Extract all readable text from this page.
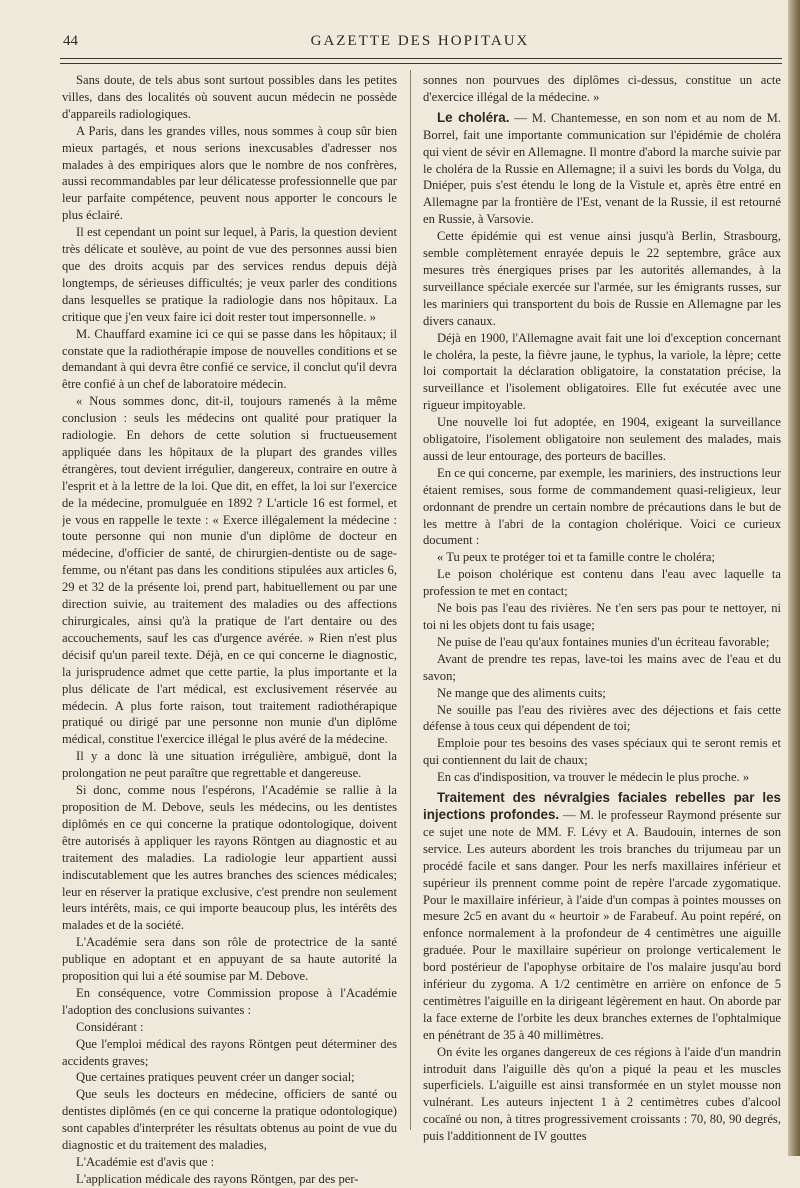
44	GAZETTE DES HOPITAUX

Sans doute, de tels abus sont surtout possibles dans les petites villes, dans des localités où souvent aucun médecin ne possède d'appareils radiologiques.

A Paris, dans les grandes villes, nous sommes à coup sûr bien mieux partagés, et nous serions inexcusables d'adresser nos malades à des empiriques alors que le nombre de nos confrères, aussi recommandables par leur délicatesse professionnelle que par leur parfaite compétence, peuvent nous apporter le concours le plus éclairé.

Il est cependant un point sur lequel, à Paris, la question devient très délicate et soulève, au point de vue des personnes aussi bien que des droits acquis par des services rendus depuis déjà longtemps, de sérieuses difficultés; je veux parler des conditions dans lesquelles se pratique la radiologie dans nos hôpitaux. La critique que j'en veux faire ici doit rester tout impersonnelle. »

M. Chauffard examine ici ce qui se passe dans les hôpitaux; il constate que la radiothérapie impose de nouvelles conditions et se demandant à qui devra être confié ce service, il conclut qu'il devra être confié à un chef de laboratoire médecin.

« Nous sommes donc, dit-il, toujours ramenés à la même conclusion : seuls les médecins ont qualité pour pratiquer la radiologie. En dehors de cette solution si fructueusement appliquée dans les hôpitaux de la plupart des grandes villes étrangères, tout devient irrégulier, dangereux, contraire en outre à l'esprit et à la lettre de la loi. Que dit, en effet, la loi sur l'exercice de la médecine, promulguée en 1892 ? L'article 16 est formel, et je vous en rappelle le texte : « Exerce illégalement la médecine : toute personne qui non munie d'un diplôme de docteur en médecine, d'officier de santé, de chirurgien-dentiste ou de sage-femme, ou n'étant pas dans les conditions stipulées aux articles 6, 29 et 32 de la présente loi, prend part, habituellement ou par une direction suivie, au traitement des maladies ou des affections chirurgicales, ainsi qu'à la pratique de l'art dentaire ou des accouchements, sauf les cas d'urgence avérée. » Rien n'est plus décisif qu'un pareil texte. Déjà, en ce qui concerne le diagnostic, la jurisprudence admet que cette partie, la plus importante et la plus délicate de l'art médical, est exclusivement réservée au médecin. A plus forte raison, tout traitement radiothérapique pratiqué ou dirigé par une personne non munie d'un diplôme médical, constitue l'exercice illégal le plus avéré de la médecine.

Il y a donc là une situation irrégulière, ambiguë, dont la prolongation ne peut paraître que regrettable et dangereuse.

Si donc, comme nous l'espérons, l'Académie se rallie à la proposition de M. Debove, seuls les médecins, ou les dentistes diplômés en ce qui concerne la pratique odontologique, doivent être autorisés à appliquer les rayons Röntgen au diagnostic et au traitement des maladies. La radiologie leur appartient aussi indiscutablement que les autres branches des sciences médicales; leur en réserver la pratique exclusive, c'est prendre non seulement leurs intérêts, mais, ce qui importe beaucoup plus, les intérêts des malades et de la société.

L'Académie sera dans son rôle de protectrice de la santé publique en adoptant et en appuyant de sa haute autorité la proposition qui lui a été soumise par M. Debove.

En conséquence, votre Commission propose à l'Académie l'adoption des conclusions suivantes :

Considérant :

Que l'emploi médical des rayons Röntgen peut déterminer des accidents graves;

Que certaines pratiques peuvent créer un danger social;

Que seuls les docteurs en médecine, officiers de santé ou dentistes diplômés (en ce qui concerne la pratique odontologique) sont capables d'interpréter les résultats obtenus au point de vue du diagnostic et du traitement des maladies,

L'Académie est d'avis que :

L'application médicale des rayons Röntgen, par des per-

sonnes non pourvues des diplômes ci-dessus, constitue un acte d'exercice illégal de la médecine. »

Le choléra. — M. Chantemesse, en son nom et au nom de M. Borrel, fait une importante communication sur l'épidémie de choléra qui vient de sévir en Allemagne. Il montre d'abord la marche suivie par le choléra de la Russie en Allemagne; il a suivi les bords du Volga, du Dniéper, puis s'est étendu le long de la Vistule et, après être entré en Allemagne par la frontière de l'Est, venant de la Russie, il est retourné en Russie, à Varsovie.

Cette épidémie qui est venue ainsi jusqu'à Berlin, Strasbourg, semble complètement enrayée depuis le 22 septembre, grâce aux mesures très énergiques prises par les autorités allemandes, à la surveillance spéciale exercée sur l'armée, sur les émigrants russes, sur les mariniers qui transportent du bois de Russie en Allemagne par les divers canaux.

Déjà en 1900, l'Allemagne avait fait une loi d'exception concernant le choléra, la peste, la fièvre jaune, le typhus, la variole, la lèpre; cette loi comportait la déclaration obligatoire, la constatation précise, la surveillance et l'isolement obligatoires. Elle fut exécutée avec une rigueur impitoyable.

Une nouvelle loi fut adoptée, en 1904, exigeant la surveillance obligatoire, l'isolement obligatoire non seulement des malades, mais aussi de leur entourage, des porteurs de bacilles.

En ce qui concerne, par exemple, les mariniers, des instructions leur étaient remises, sous forme de commandement quasi-religieux, leur ordonnant de prendre un certain nombre de précautions dans le but de les mettre à l'abri de la contagion cholérique. Voici ce curieux document :

« Tu peux te protéger toi et ta famille contre le choléra;

Le poison cholérique est contenu dans l'eau avec laquelle ta profession te met en contact;

Ne bois pas l'eau des rivières. Ne t'en sers pas pour te nettoyer, ni toi ni les objets dont tu fais usage;

Ne puise de l'eau qu'aux fontaines munies d'un écriteau favorable;

Avant de prendre tes repas, lave-toi les mains avec de l'eau et du savon;

Ne mange que des aliments cuits;

Ne souille pas l'eau des rivières avec des déjections et fais cette défense à tous ceux qui dépendent de toi;

Emploie pour tes besoins des vases spéciaux qui te seront remis et qui contiennent du lait de chaux;

En cas d'indisposition, va trouver le médecin le plus proche. »

Traitement des névralgies faciales rebelles par les injections profondes. — M. le professeur Raymond présente sur ce sujet une note de MM. F. Lévy et A. Baudouin, internes de son service. Les auteurs abordent les trois branches du trijumeau par un procédé facile et sans danger. Pour les nerfs maxillaires inférieur et supérieur ils prennent comme point de repère l'arcade zygomatique. Pour le maxillaire inférieur, à l'aide d'un compas à pointes mousses on mesure 2c5 en avant du « heurtoir » de Farabeuf. Au point repéré, on enfonce normalement à la profondeur de 4 centimètres une aiguille graduée. Pour le maxillaire supérieur on prolonge verticalement le bord postérieur de l'apophyse orbitaire de l'os malaire jusqu'au bord inférieur du zygoma. A 1/2 centimètre en arrière on enfonce de 5 centimètres l'aiguille en la dirigeant légèrement en haut. On aborde par la face externe de l'orbite les deux branches externes de l'ophtalmique en pénétrant de 35 à 40 millimètres.

On évite les organes dangereux de ces régions à l'aide d'un mandrin introduit dans l'aiguille dès qu'on a piqué la peau et les muscles superficiels. L'aiguille est ainsi transformée en un stylet mousse non vulnérant. Les auteurs injectent 1 à 2 centimètres cubes d'alcool cocaïné ou non, à titres progressivement croissants : 70, 80, 90 degrés, puis l'additionnent de IV gouttes
